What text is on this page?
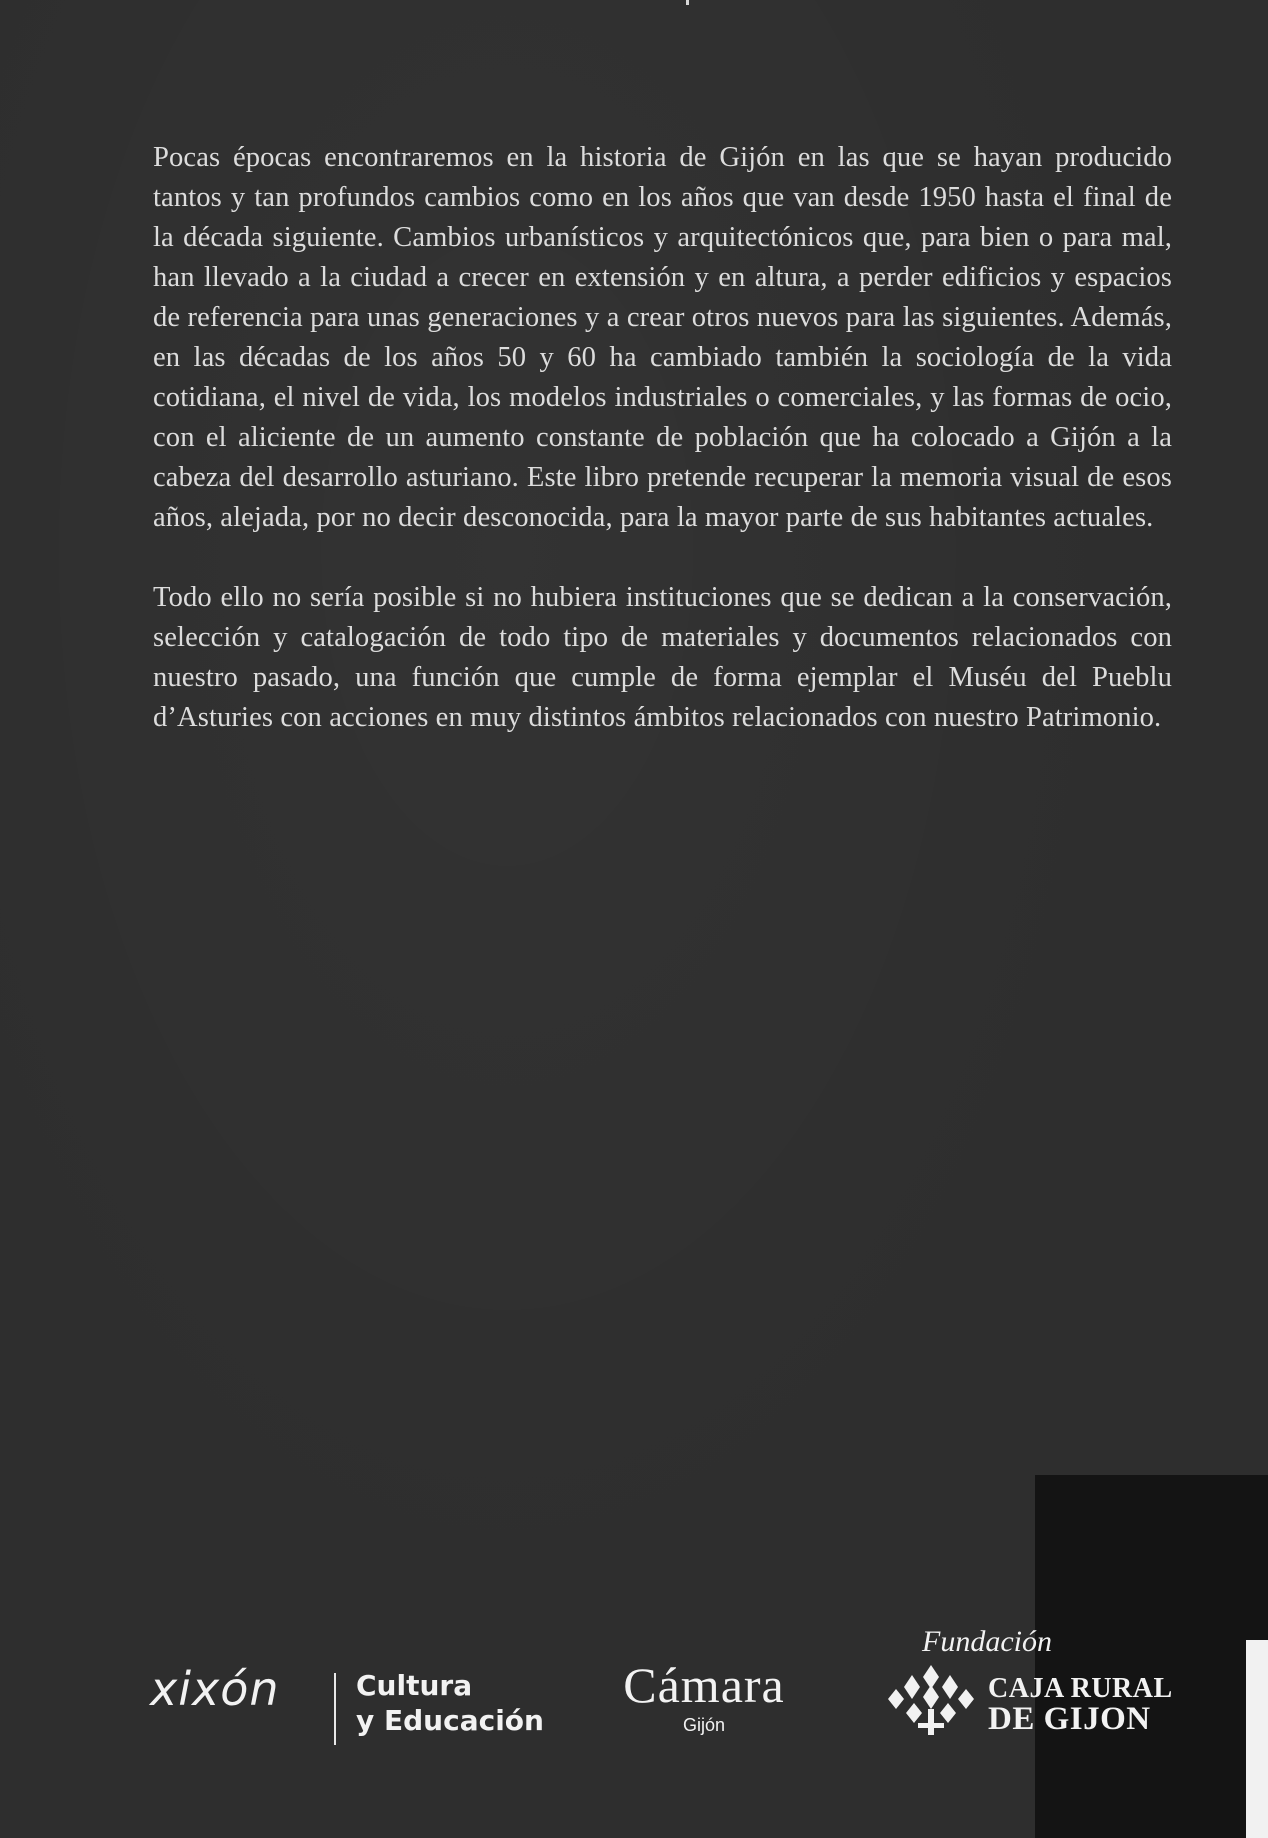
Pocas épocas encontraremos en la historia de Gijón en las que se hayan producido tantos y tan profundos cambios como en los años que van desde 1950 hasta el final de la década siguiente. Cambios urbanísticos y arquitectónicos que, para bien o para mal, han llevado a la ciudad a crecer en extensión y en altura, a perder edificios y espacios de referencia para unas generaciones y a crear otros nuevos para las siguientes. Además, en las décadas de los años 50 y 60 ha cambiado también la sociología de la vida cotidiana, el nivel de vida, los modelos industriales o comerciales, y las formas de ocio, con el aliciente de un aumento constante de población que ha colocado a Gijón a la cabeza del desarrollo asturiano. Este libro pretende recuperar la memoria visual de esos años, alejada, por no decir desconocida, para la mayor parte de sus habitantes actuales.

Todo ello no sería posible si no hubiera instituciones que se dedican a la conservación, selección y catalogación de todo tipo de materiales y documentos relacionados con nuestro pasado, una función que cumple de forma ejemplar el Muséu del Pueblu d’Asturies con acciones en muy distintos ámbitos relacionados con nuestro Patrimonio.

xixón	Cultura
y Educación
Cámara
Gijón
Fundación
CAJA RURAL
DE GIJON
